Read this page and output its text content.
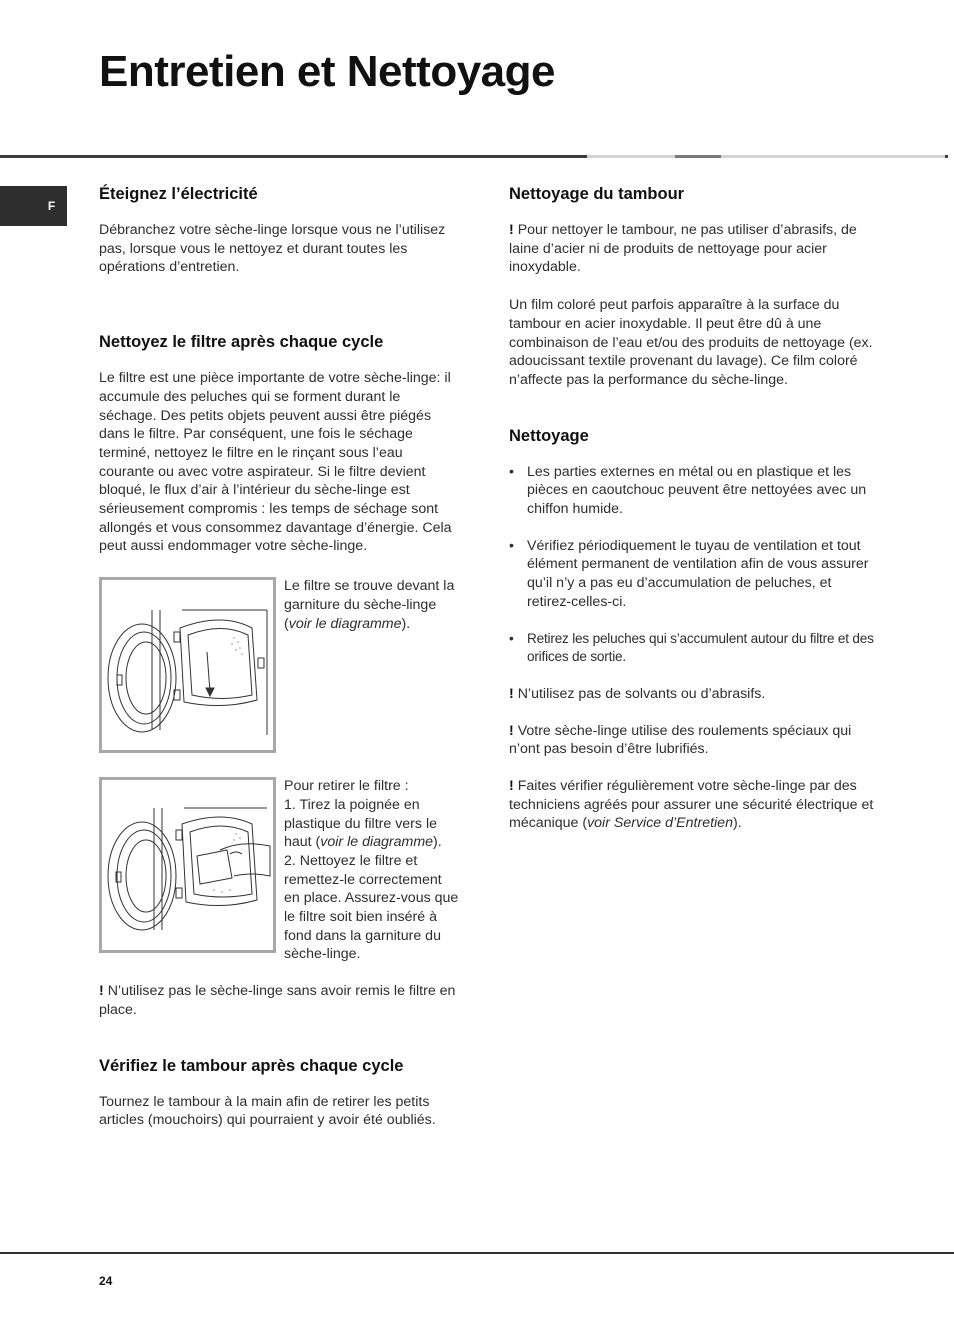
Entretien et Nettoyage
F
Éteignez l’électricité

Débranchez votre sèche-linge lorsque vous ne l’utilisez pas, lorsque vous le nettoyez et durant toutes les opérations d’entretien.

Nettoyez le filtre après chaque cycle

Le filtre est une pièce importante de votre sèche-linge: il accumule des peluches qui se forment durant le séchage. Des petits objets peuvent aussi être piégés dans le filtre. Par conséquent, une fois le séchage terminé, nettoyez le filtre en le rinçant sous l’eau courante ou avec votre aspirateur. Si le filtre devient bloqué, le flux d’air à l’intérieur du sèche-linge est sérieusement compromis : les temps de séchage sont allongés et vous consommez davantage d’énergie. Cela peut aussi endommager votre sèche-linge.

Le filtre se trouve devant la garniture du sèche-linge (voir le diagramme).

Pour retirer le filtre :

1. Tirez la poignée en plastique du filtre vers le haut (voir le diagramme).

2. Nettoyez le filtre et remettez-le correctement en place. Assurez-vous que le filtre soit bien inséré à fond dans la garniture du sèche-linge.

! N’utilisez pas le sèche-linge sans avoir remis le filtre en place.

Vérifiez le tambour après chaque cycle

Tournez le tambour à la main afin de retirer les petits articles (mouchoirs) qui pourraient y avoir été oubliés.

Nettoyage du tambour

! Pour nettoyer le tambour, ne pas utiliser d’abrasifs, de laine d’acier ni de produits de nettoyage pour acier inoxydable.

Un film coloré peut parfois apparaître à la surface du tambour en acier inoxydable. Il peut être dû à une combinaison de l’eau et/ou des produits de nettoyage (ex. adoucissant textile provenant du lavage). Ce film coloré n’affecte pas la performance du sèche-linge.

Nettoyage
• Les parties externes en métal ou en plastique et les pièces en caoutchouc peuvent être nettoyées avec un chiffon humide.
• Vérifiez périodiquement le tuyau de ventilation et tout élément permanent de ventilation afin de vous assurer qu’il n’y a pas eu d’accumulation de peluches, et retirez-celles-ci.
• Retirez les peluches qui s’accumulent autour du filtre et des orifices de sortie.

! N’utilisez pas de solvants ou d’abrasifs.

! Votre sèche-linge utilise des roulements spéciaux qui n’ont pas besoin d’être lubrifiés.

! Faites vérifier régulièrement votre sèche-linge par des techniciens agréés pour assurer une sécurité électrique et mécanique (voir Service d’Entretien).

24
